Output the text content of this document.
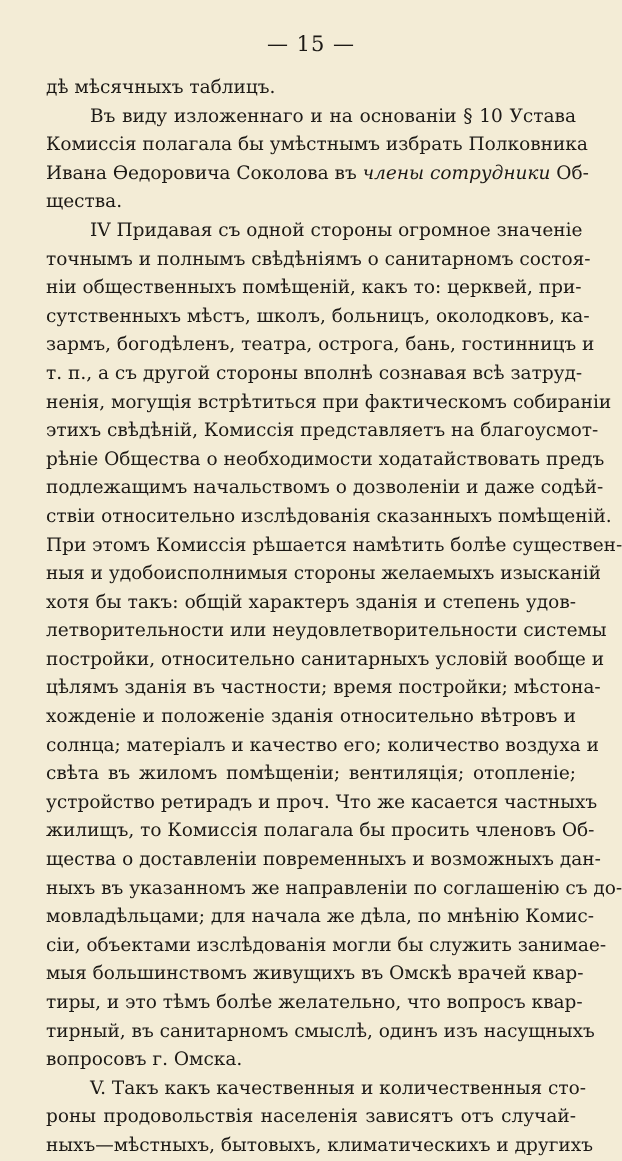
— 15 —
дѣ мѣсячныхъ таблицъ.
Въ виду изложеннаго и на основаніи § 10 Устава
Комиссія полагала бы умѣстнымъ избрать Полковника
Ивана Ѳедоровича Соколова въ члены сотрудники Об-
щества.
IV Придавая съ одной стороны огромное значеніе
точнымъ и полнымъ свѣдѣніямъ о санитарномъ состоя-
ніи общественныхъ помѣщеній, какъ то: церквей, при-
сутственныхъ мѣстъ, школъ, больницъ, околодковъ, ка-
зармъ, богодѣленъ, театра, острога, бань, гостинницъ и
т. п., а съ другой стороны вполнѣ сознавая всѣ затруд-
ненія, могущія встрѣтиться при фактическомъ собираніи
этихъ свѣдѣній, Комиссія представляетъ на благоусмот-
рѣніе Общества о необходимости ходатайствовать предъ
подлежащимъ начальствомъ о дозволеніи и даже содѣй-
ствіи относительно изслѣдованія сказанныхъ помѣщеній.
При этомъ Комиссія рѣшается намѣтить болѣе существен-
ныя и удобоисполнимыя стороны желаемыхъ изысканій
хотя бы такъ: общій характеръ зданія и степень удов-
летворительности или неудовлетворительности системы
постройки, относительно санитарныхъ условій вообще и
цѣлямъ зданія въ частности; время постройки; мѣстона-
хожденіе и положеніе зданія относительно вѣтровъ и
солнца; матеріалъ и качество его; количество воздуха и
свѣта въ жиломъ помѣщеніи; вентиляція; отопленіе;
устройство ретирадъ и проч. Что же касается частныхъ
жилищъ, то Комиссія полагала бы просить членовъ Об-
щества о доставленіи повременныхъ и возможныхъ дан-
ныхъ въ указанномъ же направленіи по соглашенію съ до-
мовладѣльцами; для начала же дѣла, по мнѣнію Комис-
сіи, объектами изслѣдованія могли бы служить занимае-
мыя большинствомъ живущихъ въ Омскѣ врачей квар-
тиры, и это тѣмъ болѣе желательно, что вопросъ квар-
тирный, въ санитарномъ смыслѣ, одинъ изъ насущныхъ
вопросовъ г. Омска.
V. Такъ какъ качественныя и количественныя сто-
роны продовольствія населенія зависятъ отъ случай-
ныхъ—мѣстныхъ, бытовыхъ, климатическихъ и другихъ
